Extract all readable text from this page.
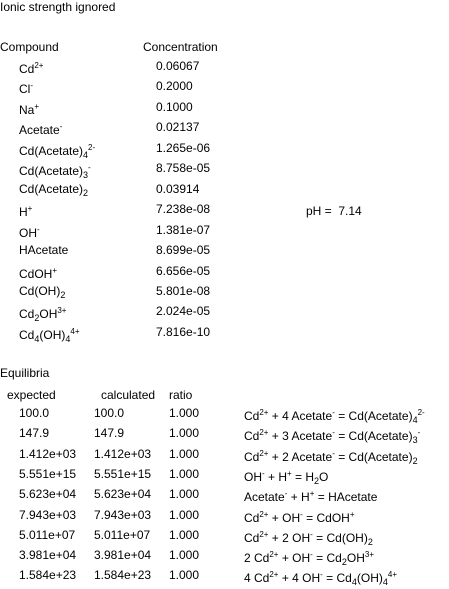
Ionic strength ignored
Compound	Concentration
$Cd^{2+}$	0.06067
Cl-	0.2000
Na+	0.1000
Acetate-	0.02137
$Cd(Acetate)_4^{2-}$	1.265e-06
$Cd(Acetate)_3^-$	8.758e-05
$Cd(Acetate)_2$	0.03914
H+	7.238e-08
OH-	1.381e-07
HAcetate	8.699e-05
CdOH+	6.656e-05
$Cd(OH)_2$	5.801e-08
$Cd_2OH^{3+}$	2.024e-05
$Cd_4(OH)_4^{4+}$	7.816e-10
pH = 7.14
Equilibria
expected	calculated ratio
100.0	100.0	1.000	$Cd^{2+} + 4$ Acetate- = $Cd(Acetate)_4^{2-}$
147.9	147.9	1.000	$Cd^{2+} + 3$ Acetate- = $Cd(Acetate)_3^-$
1.412e+03 1.412e+03 1.000	$Cd^{2+} + 2$ Acetate- = $Cd(Acetate)_2$
5.551e+15 5.551e+15 1.000	$OH^- + H^+ = H_2O$
5.623e+04 5.623e+04 1.000	Acetate- + H+ = HAcetate
7.943e+03 7.943e+03 1.000	$Cd^{2+} + OH^-$ = CdOH+
5.011e+07 5.011e+07 1.000	$Cd^{2+} + 2$ $OH^- = Cd(OH)_2$
3.981e+04 3.981e+04 1.000	2 $Cd^{2+} + OH^- = Cd_2OH^{3+}$
1.584e+23 1.584e+23 1.000	4 $Cd^{2+} + 4$ $OH^- = Cd_4(OH)_4^{4+}$
